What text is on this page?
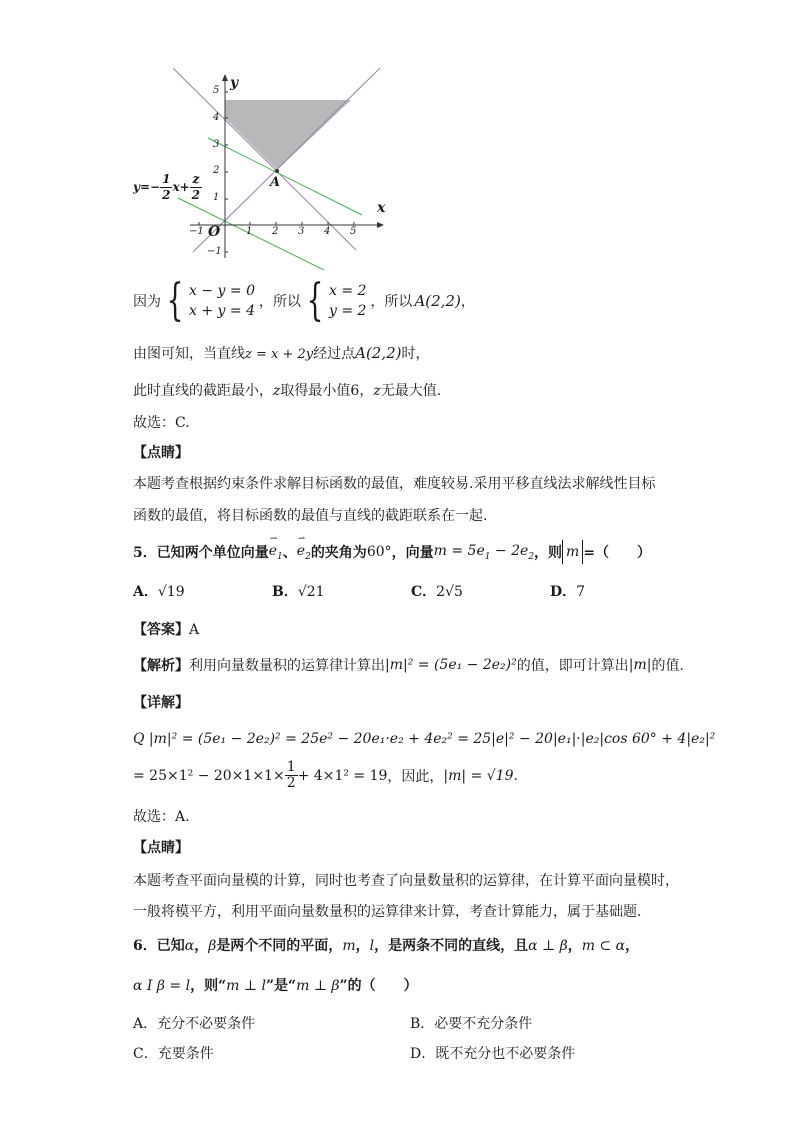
y
x
O
A
−1	1 2 3 4 5
5
4
3
2
1
−1
$y=- \frac{1}{2} x+ \frac{z}{2}$
因为 { x − y = 0
x + y = 4
，所以 { x = 2
y = 2
，所以 A(2,2) ，
由图可知，当直线z = x + 2y经过点A(2,2)时，
此时直线的截距最小，z取得最小值6，z无最大值.
故选：C.
【点睛】
本题考查根据约束条件求解目标函数的最值，难度较易.采用平移直线法求解线性目标
函数的最值，将目标函数的最值与直线的截距联系在一起.
5．已知两个单位向量 ⇀ $e_1$ 、 ⇀ $e_2$ 的夹角为 60° ，向量 $m = 5e_1 - 2e_2$ ，则 m =（　　）
A．√19	B．√21	C．2√5	D．7
【答案】A
【解析】 利用向量数量积的运算律计算出 |m|² = (5e₁ − 2e₂)² 的值，即可计算出 |m| 的值.
【详解】
Q |m|² = (5e₁ − 2e₂)² = 25e² − 20e₁·e₂ + 4e₂² = 25|e|² − 20|e₁|·|e₂|cos 60° + 4|e₂|²
= $25\times 1^2 - 20\times 1\times 1\times \frac{1}{2} + 4\times 1^2 = 19$ ，因此， |m| = √19 .
故选：A.
【点睛】
本题考查平面向量模的计算，同时也考查了向量数量积的运算律，在计算平面向量模时，
一般将模平方，利用平面向量数量积的运算律来计算，考查计算能力，属于基础题.
6．已知α，β是两个不同的平面，m，l，是两条不同的直线，且α ⊥ β，m ⊂ α，
α I β = l，则“m ⊥ l”是“m ⊥ β”的（　　）
A．充分不必要条件	B．必要不充分条件
C．充要条件	D．既不充分也不必要条件
